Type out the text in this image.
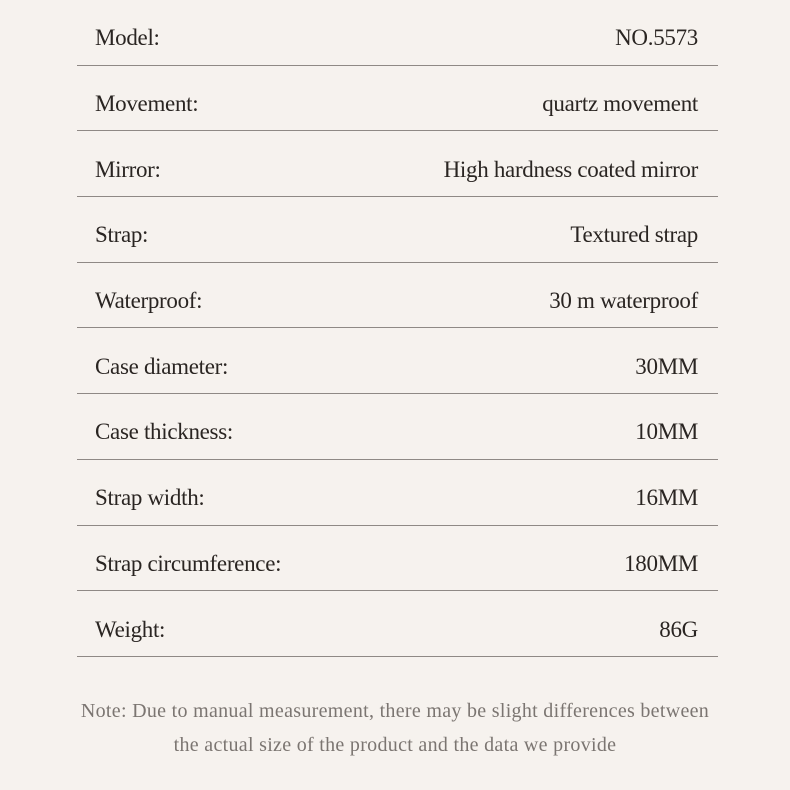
Model:	NO.5573
Movement:	quartz movement
Mirror:	High hardness coated mirror
Strap:	Textured strap
Waterproof:	30 m waterproof
Case diameter:	30MM
Case thickness:	10MM
Strap width:	16MM
Strap circumference:	180MM
Weight:	86G
Note: Due to manual measurement, there may be slight differences between
the actual size of the product and the data we provide
